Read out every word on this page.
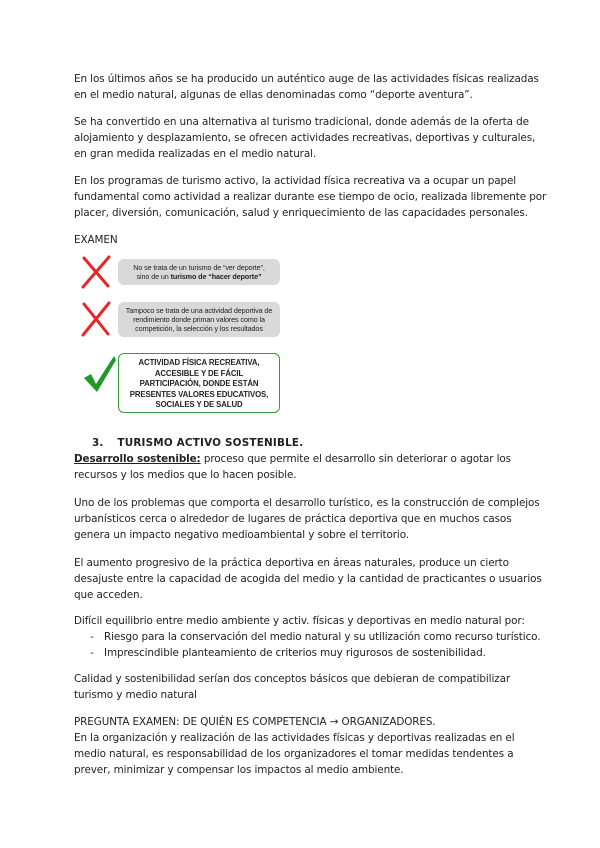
En los últimos años se ha producido un auténtico auge de las actividades físicas realizadas en el medio natural, algunas de ellas denominadas como “deporte aventura”.

Se ha convertido en una alternativa al turismo tradicional, donde además de la oferta de alojamiento y desplazamiento, se ofrecen actividades recreativas, deportivas y culturales, en gran medida realizadas en el medio natural.

En los programas de turismo activo, la actividad física recreativa va a ocupar un papel fundamental como actividad a realizar durante ese tiempo de ocio, realizada libremente por placer, diversión, comunicación, salud y enriquecimiento de las capacidades personales.

EXAMEN

No se trata de un turismo de “ver deporte”,
sino de un turismo de “hacer deporte”
Tampoco se trata de una actividad deportiva de rendimiento donde priman valores como la competición, la selección y los resultados
ACTIVIDAD FÍSICA RECREATIVA, ACCESIBLE Y DE FÁCIL PARTICIPACIÓN, DONDE ESTÁN PRESENTES VALORES EDUCATIVOS, SOCIALES Y DE SALUD
3. TURISMO ACTIVO SOSTENIBLE.

Desarrollo sostenible: proceso que permite el desarrollo sin deteriorar o agotar los recursos y los medios que lo hacen posible.

Uno de los problemas que comporta el desarrollo turístico, es la construcción de complejos urbanísticos cerca o alrededor de lugares de práctica deportiva que en muchos casos genera un impacto negativo medioambiental y sobre el territorio.

El aumento progresivo de la práctica deportiva en áreas naturales, produce un cierto desajuste entre la capacidad de acogida del medio y la cantidad de practicantes o usuarios que acceden.

Difícil equilibrio entre medio ambiente y activ. físicas y deportivas en medio natural por:

- Riesgo para la conservación del medio natural y su utilización como recurso turístico.
- Imprescindible planteamiento de criterios muy rigurosos de sostenibilidad.

Calidad y sostenibilidad serían dos conceptos básicos que debieran de compatibilizar turismo y medio natural

PREGUNTA EXAMEN: DE QUIÉN ES COMPETENCIA → ORGANIZADORES.

En la organización y realización de las actividades físicas y deportivas realizadas en el medio natural, es responsabilidad de los organizadores el tomar medidas tendentes a prever, minimizar y compensar los impactos al medio ambiente.
